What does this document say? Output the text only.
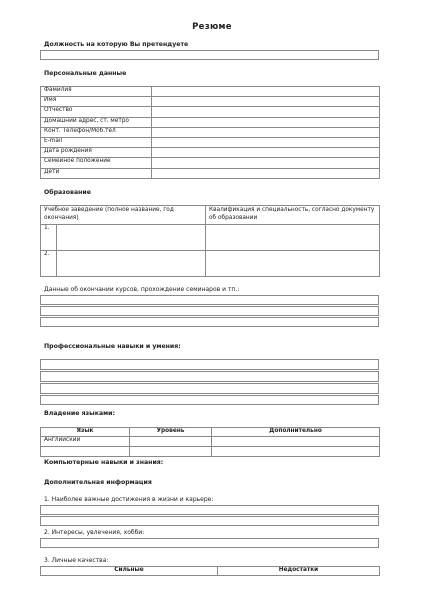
Резюме
Должность на которую Вы претендуете
Персональные данные
Фамилия	
Имя	
Отчество	
Домашний адрес, ст. метро	
Конт. Телефон/Моб.тел	
E-mail	
Дата рождения	
Семейное положение	
Дети	
Образование
Учебное заведение (полное название, год окончания)		Квалификация и специальность, согласно документу об образовании
1.		
2.		
Данные об окончании курсов, прохождение семинаров и тп.:
Профессиональные навыки и умения:
Владение языками:
Язык	Уровень	Дополнительно
Английский		

Компьютерные навыки и знания:
Дополнительная информация
1. Наиболее важные достижения в жизни и карьере:
2. Интересы, увлечения, хобби:
3. Личные качества:
Сильные	Недостатки
